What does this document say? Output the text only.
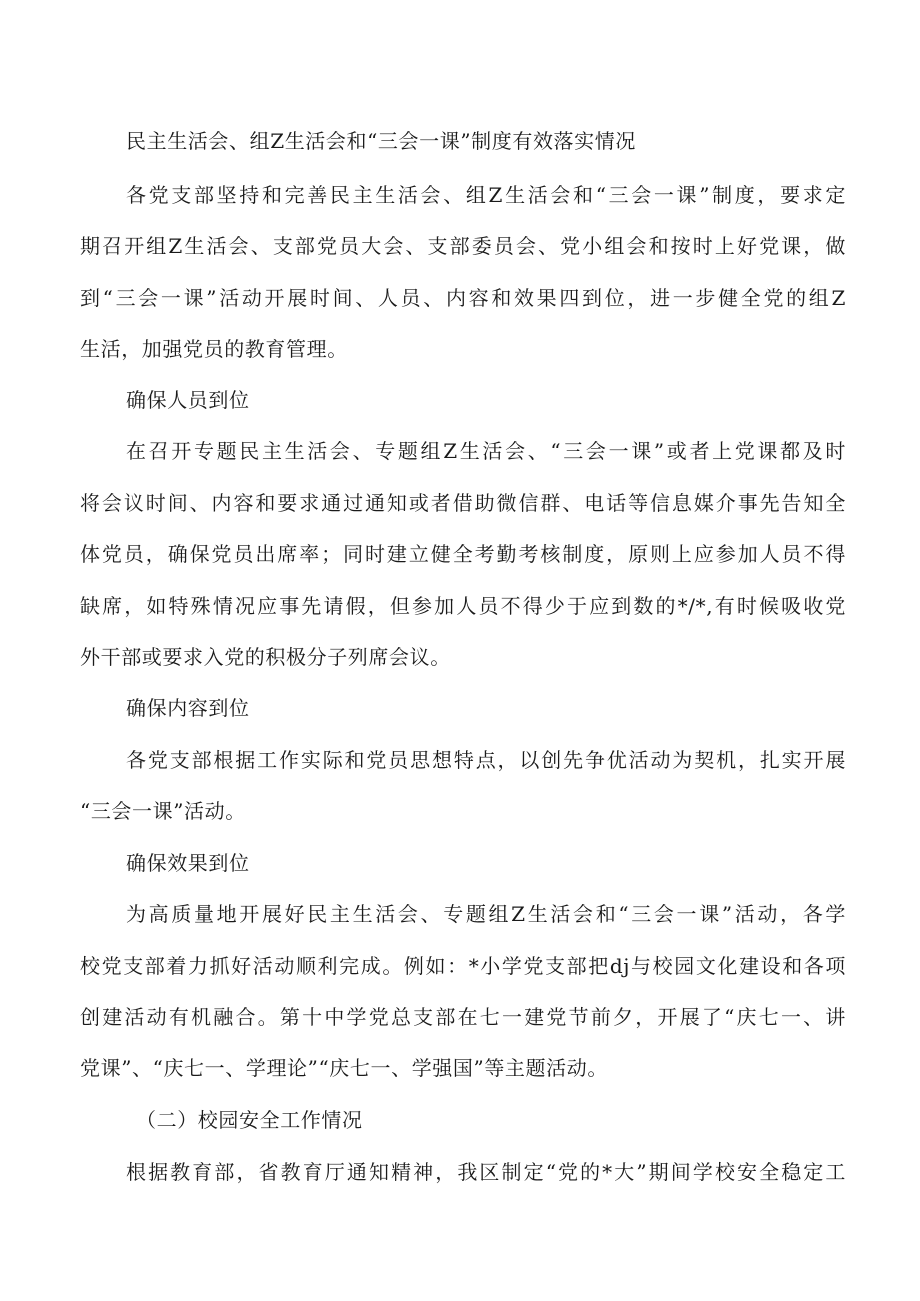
民主生活会、组Z生活会和“三会一课”制度有效落实情况
各党支部坚持和完善民主生活会、组Z生活会和“三会一课”制度，要求定
期召开组Z生活会、支部党员大会、支部委员会、党小组会和按时上好党课，做
到“三会一课”活动开展时间、人员、内容和效果四到位，进一步健全党的组Z
生活，加强党员的教育管理。
确保人员到位
在召开专题民主生活会、专题组Z生活会、“三会一课”或者上党课都及时
将会议时间、内容和要求通过通知或者借助微信群、电话等信息媒介事先告知全
体党员，确保党员出席率；同时建立健全考勤考核制度，原则上应参加人员不得
缺席，如特殊情况应事先请假，但参加人员不得少于应到数的*/*,有时候吸收党
外干部或要求入党的积极分子列席会议。
确保内容到位
各党支部根据工作实际和党员思想特点，以创先争优活动为契机，扎实开展
“三会一课”活动。
确保效果到位
为高质量地开展好民主生活会、专题组Z生活会和“三会一课”活动，各学
校党支部着力抓好活动顺利完成。例如：*小学党支部把dj与校园文化建设和各项
创建活动有机融合。第十中学党总支部在七一建党节前夕，开展了“庆七一、讲
党课”、“庆七一、学理论”“庆七一、学强国”等主题活动。
（二）校园安全工作情况
根据教育部，省教育厅通知精神，我区制定“党的*大”期间学校安全稳定工
